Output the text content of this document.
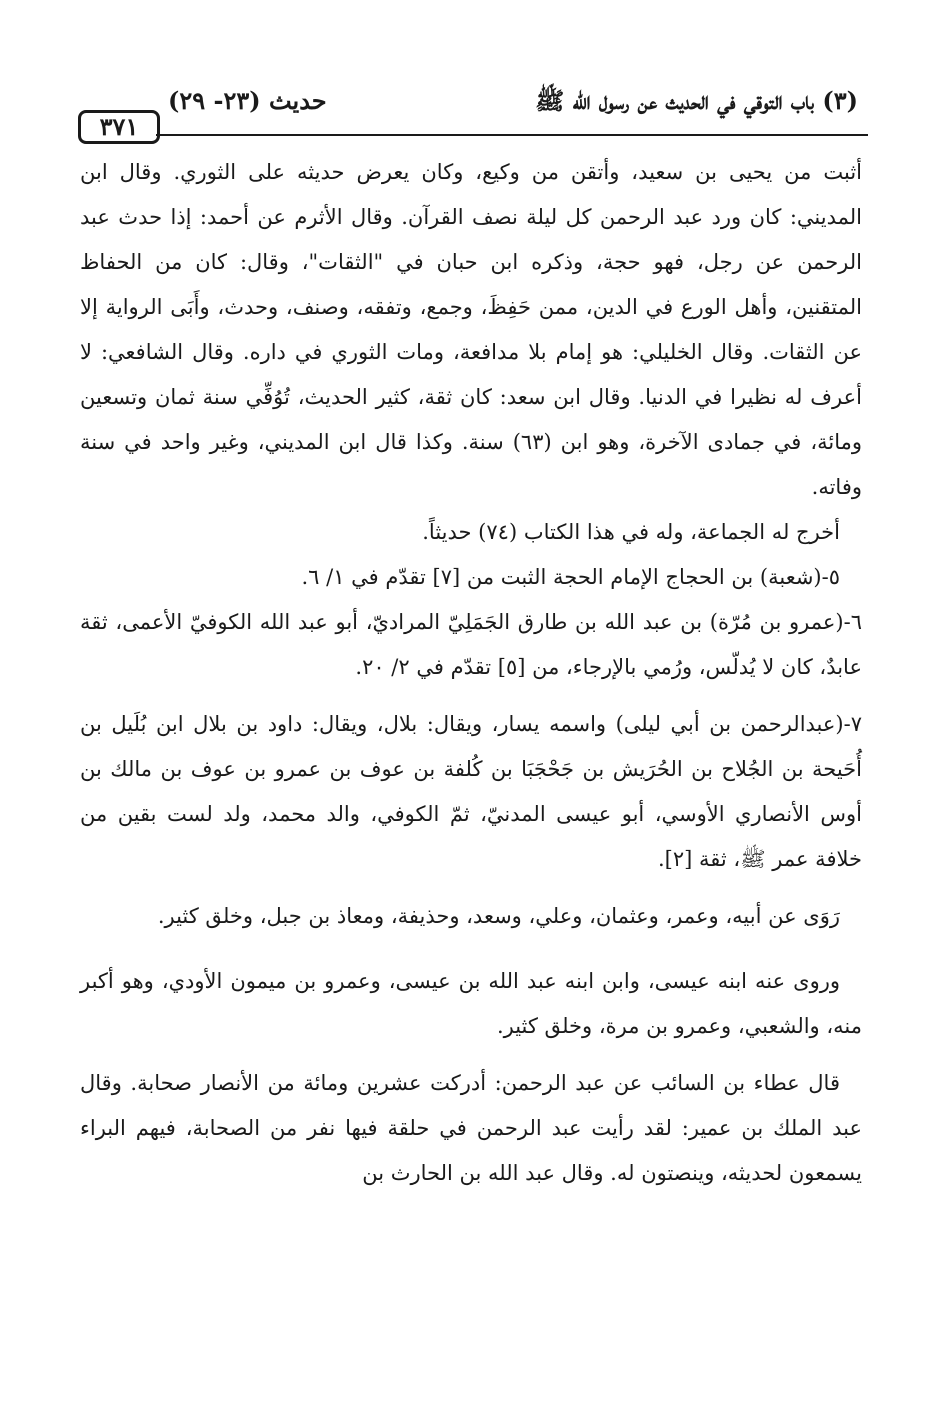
٣٧١
(٣) باب التوقي في الحديث عن رسول الله ﷺ
حديث (٢٣- ٢٩)

أثبت من يحيى بن سعيد، وأتقن من وكيع، وكان يعرض حديثه على الثوري. وقال ابن المديني: كان ورد عبد الرحمن كل ليلة نصف القرآن. وقال الأثرم عن أحمد: إذا حدث عبد الرحمن عن رجل، فهو حجة، وذكره ابن حبان في "الثقات"، وقال: كان من الحفاظ المتقنين، وأهل الورع في الدين، ممن حَفِظَ، وجمع، وتفقه، وصنف، وحدث، وأَبَى الرواية إلا عن الثقات. وقال الخليلي: هو إمام بلا مدافعة، ومات الثوري في داره. وقال الشافعي: لا أعرف له نظيرا في الدنيا. وقال ابن سعد: كان ثقة، كثير الحديث، تُوُفِّي سنة ثمان وتسعين ومائة، في جمادى الآخرة، وهو ابن (٦٣) سنة. وكذا قال ابن المديني، وغير واحد في سنة وفاته.

أخرج له الجماعة، وله في هذا الكتاب (٧٤) حديثاً.

٥-(شعبة) بن الحجاج الإمام الحجة الثبت من [٧] تقدّم في ١/ ٦.

٦-(عمرو بن مُرّة) بن عبد الله بن طارق الجَمَلِيّ المراديّ، أبو عبد الله الكوفيّ الأعمى، ثقة عابدٌ، كان لا يُدلّس، ورُمي بالإرجاء، من [٥] تقدّم في ٢/ ٢٠.

٧-(عبدالرحمن بن أبي ليلى) واسمه يسار، ويقال: بلال، ويقال: داود بن بلال ابن بُلَيل بن أُحَيحة بن الجُلاح بن الحُرَيش بن جَحْجَبَا بن كُلفة بن عوف بن عمرو بن عوف بن مالك بن أوس الأنصاري الأوسي، أبو عيسى المدنيّ، ثمّ الكوفي، والد محمد، ولد لست بقين من خلافة عمر ﷺ، ثقة [٢].

رَوَى عن أبيه، وعمر، وعثمان، وعلي، وسعد، وحذيفة، ومعاذ بن جبل، وخلق كثير.

وروى عنه ابنه عيسى، وابن ابنه عبد الله بن عيسى، وعمرو بن ميمون الأودي، وهو أكبر منه، والشعبي، وعمرو بن مرة، وخلق كثير.

قال عطاء بن السائب عن عبد الرحمن: أدركت عشرين ومائة من الأنصار صحابة. وقال عبد الملك بن عمير: لقد رأيت عبد الرحمن في حلقة فيها نفر من الصحابة، فيهم البراء يسمعون لحديثه، وينصتون له. وقال عبد الله بن الحارث بن
